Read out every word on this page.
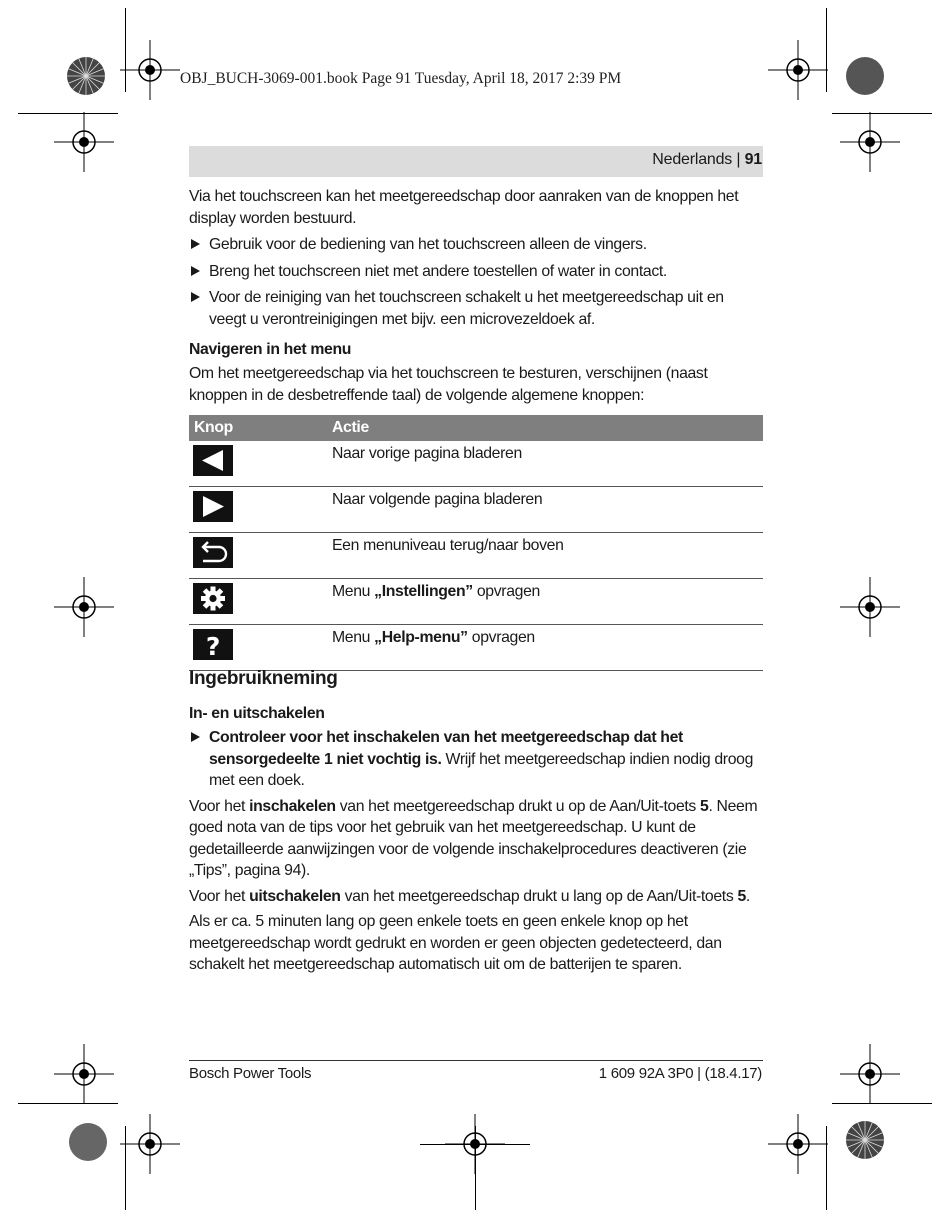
OBJ_BUCH-3069-001.book Page 91 Tuesday, April 18, 2017 2:39 PM
Nederlands | 91

Via het touchscreen kan het meetgereedschap door aanraken van de knoppen het display worden bestuurd.

Gebruik voor de bediening van het touchscreen alleen de vingers.
Breng het touchscreen niet met andere toestellen of water in contact.
Voor de reiniging van het touchscreen schakelt u het meetgereedschap uit en veegt u verontreinigingen met bijv. een microvezeldoek af.
Navigeren in het menu
Om het meetgereedschap via het touchscreen te besturen, verschijnen (naast knoppen in de desbetreffende taal) de volgende algemene knoppen:
Knop	Actie

	Naar vorige pagina bladeren

	Naar volgende pagina bladeren

	Een menuniveau terug/naar boven

	Menu „Instellingen” opvragen

?	Menu „Help-menu” opvragen
Ingebruikneming
In- en uitschakelen
Controleer voor het inschakelen van het meetgereedschap dat het sensorgedeelte 1 niet vochtig is. Wrijf het meetgereedschap indien nodig droog met een doek.

Voor het inschakelen van het meetgereedschap drukt u op de Aan/Uit-toets 5. Neem goed nota van de tips voor het gebruik van het meetgereedschap. U kunt de gedetailleerde aanwijzingen voor de volgende inschakelprocedures deactiveren (zie „Tips”, pagina 94).

Voor het uitschakelen van het meetgereedschap drukt u lang op de Aan/Uit-toets 5.

Als er ca. 5 minuten lang op geen enkele toets en geen enkele knop op het meetgereedschap wordt gedrukt en worden er geen objecten gedetecteerd, dan schakelt het meetgereedschap automatisch uit om de batterijen te sparen.

Bosch Power Tools	1 609 92A 3P0 | (18.4.17)
